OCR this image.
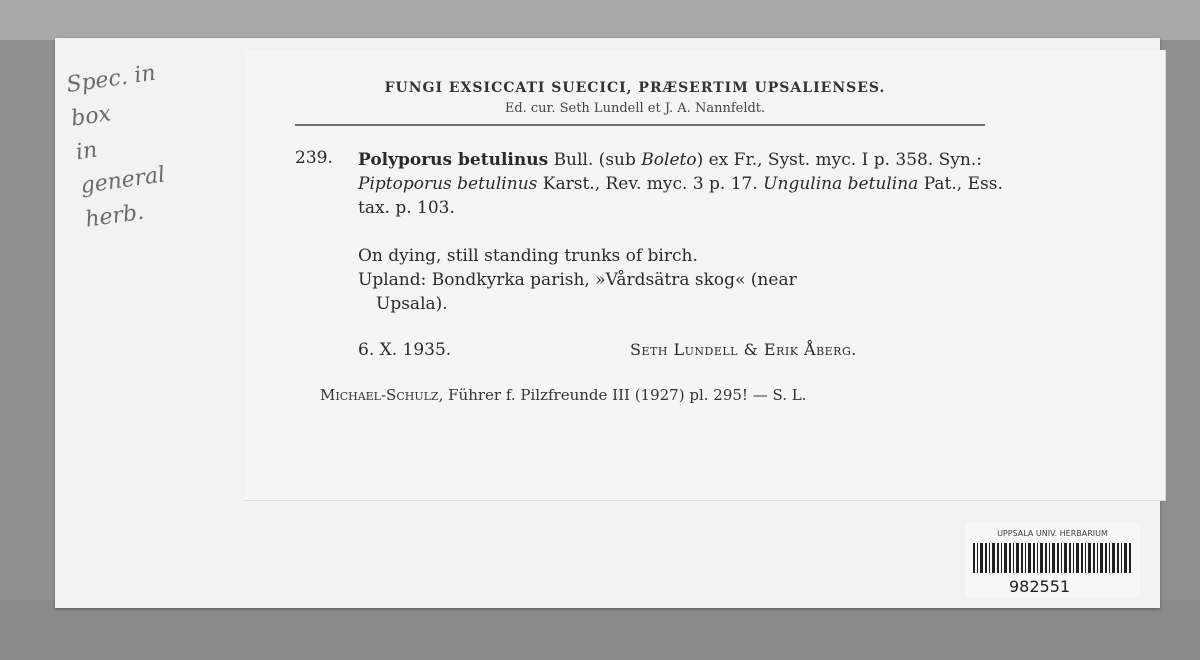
Spec. in
box
in
general
herb.
FUNGI EXSICCATI SUECICI, PRÆSERTIM UPSALIENSES.
Ed. cur. Seth Lundell et J. A. Nannfeldt.
239. Polyporus betulinus Bull. (sub Boleto) ex Fr., Syst. myc. I p. 358. Syn.: Piptoporus betulinus Karst., Rev. myc. 3 p. 17. Ungulina betulina Pat., Ess. tax. p. 103.
On dying, still standing trunks of birch.
Upland: Bondkyrka parish, »Vårdsätra skog« (near
Upsala).
6. X. 1935.	Seth Lundell & Erik Åberg.
Michael-Schulz, Führer f. Pilzfreunde III (1927) pl. 295! — S. L.
UPPSALA UNIV. HERBARIUM
982551
